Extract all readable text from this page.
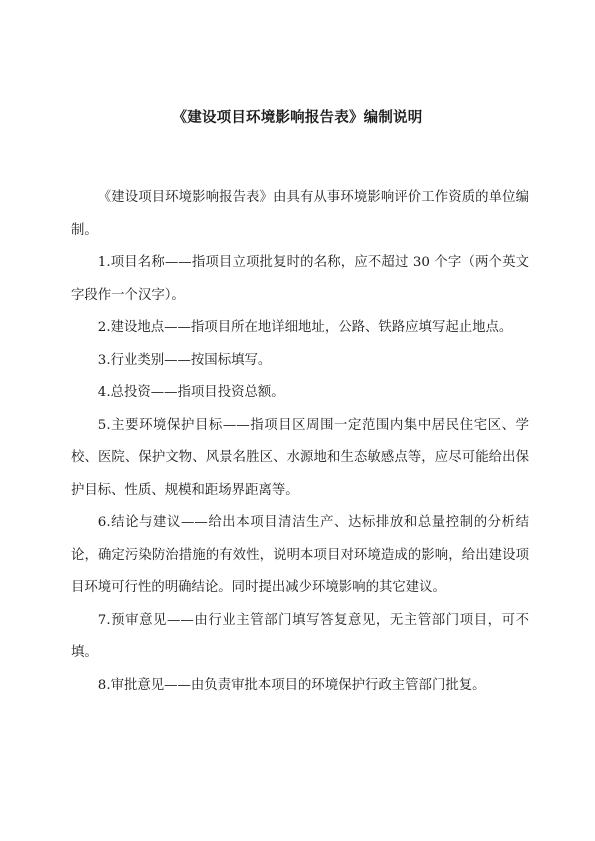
《建设项目环境影响报告表》编制说明

《建设项目环境影响报告表》由具有从事环境影响评价工作资质的单位编制。

1.项目名称——指项目立项批复时的名称，应不超过 30 个字（两个英文字段作一个汉字）。

2.建设地点——指项目所在地详细地址，公路、铁路应填写起止地点。

3.行业类别——按国标填写。

4.总投资——指项目投资总额。

5.主要环境保护目标——指项目区周围一定范围内集中居民住宅区、学校、医院、保护文物、风景名胜区、水源地和生态敏感点等，应尽可能给出保护目标、性质、规模和距场界距离等。

6.结论与建议——给出本项目清洁生产、达标排放和总量控制的分析结论，确定污染防治措施的有效性，说明本项目对环境造成的影响，给出建设项目环境可行性的明确结论。同时提出减少环境影响的其它建议。

7.预审意见——由行业主管部门填写答复意见，无主管部门项目，可不填。

8.审批意见——由负责审批本项目的环境保护行政主管部门批复。
